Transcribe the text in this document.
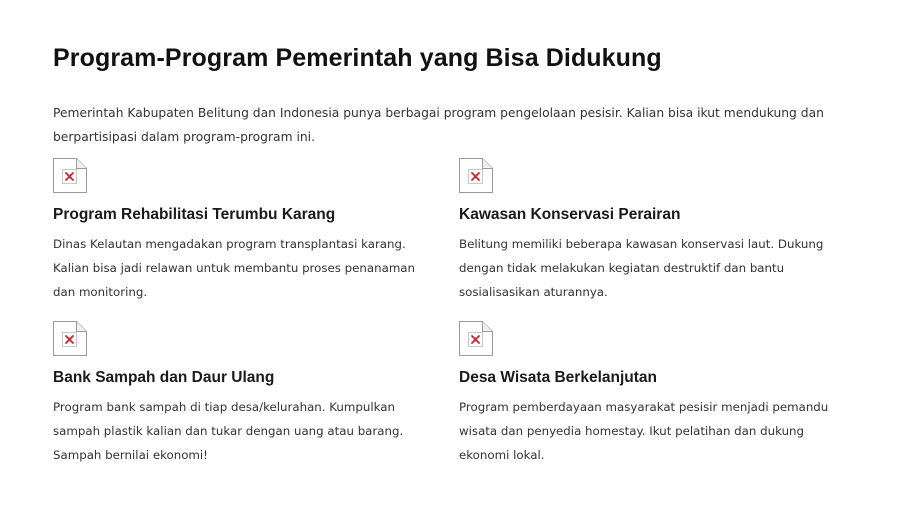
Program-Program Pemerintah yang Bisa Didukung

Pemerintah Kabupaten Belitung dan Indonesia punya berbagai program pengelolaan pesisir. Kalian bisa ikut mendukung dan berpartisipasi dalam program-program ini.

Program Rehabilitasi Terumbu Karang

Dinas Kelautan mengadakan program transplantasi karang. Kalian bisa jadi relawan untuk membantu proses penanaman dan monitoring.

Kawasan Konservasi Perairan

Belitung memiliki beberapa kawasan konservasi laut. Dukung dengan tidak melakukan kegiatan destruktif dan bantu sosialisasikan aturannya.

Bank Sampah dan Daur Ulang

Program bank sampah di tiap desa/kelurahan. Kumpulkan sampah plastik kalian dan tukar dengan uang atau barang. Sampah bernilai ekonomi!

Desa Wisata Berkelanjutan

Program pemberdayaan masyarakat pesisir menjadi pemandu wisata dan penyedia homestay. Ikut pelatihan dan dukung ekonomi lokal.
